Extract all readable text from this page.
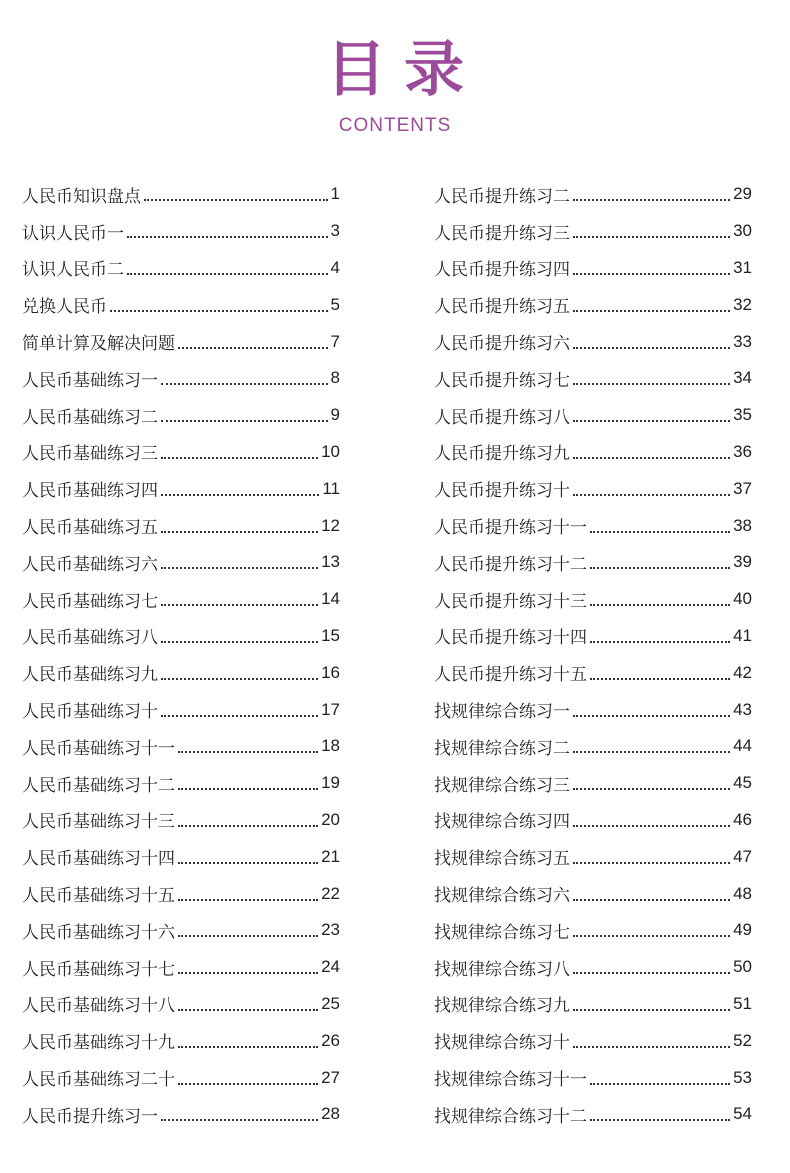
目录
CONTENTS
人民币知识盘点	1
认识人民币一	3
认识人民币二	4
兑换人民币	5
简单计算及解决问题	7
人民币基础练习一	8
人民币基础练习二	9
人民币基础练习三	10
人民币基础练习四	11
人民币基础练习五	12
人民币基础练习六	13
人民币基础练习七	14
人民币基础练习八	15
人民币基础练习九	16
人民币基础练习十	17
人民币基础练习十一	18
人民币基础练习十二	19
人民币基础练习十三	20
人民币基础练习十四	21
人民币基础练习十五	22
人民币基础练习十六	23
人民币基础练习十七	24
人民币基础练习十八	25
人民币基础练习十九	26
人民币基础练习二十	27
人民币提升练习一	28
人民币提升练习二	29
人民币提升练习三	30
人民币提升练习四	31
人民币提升练习五	32
人民币提升练习六	33
人民币提升练习七	34
人民币提升练习八	35
人民币提升练习九	36
人民币提升练习十	37
人民币提升练习十一	38
人民币提升练习十二	39
人民币提升练习十三	40
人民币提升练习十四	41
人民币提升练习十五	42
找规律综合练习一	43
找规律综合练习二	44
找规律综合练习三	45
找规律综合练习四	46
找规律综合练习五	47
找规律综合练习六	48
找规律综合练习七	49
找规律综合练习八	50
找规律综合练习九	51
找规律综合练习十	52
找规律综合练习十一	53
找规律综合练习十二	54
